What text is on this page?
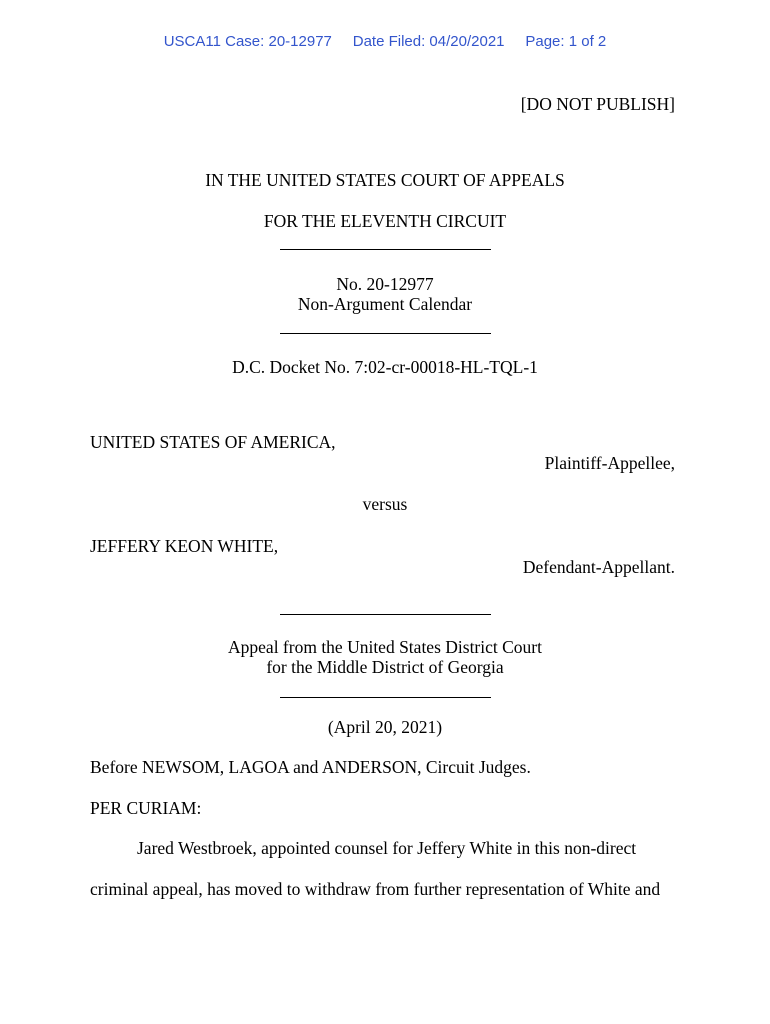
USCA11 Case: 20-12977 Date Filed: 04/20/2021 Page: 1 of 2
[DO NOT PUBLISH]
IN THE UNITED STATES COURT OF APPEALS
FOR THE ELEVENTH CIRCUIT
No. 20-12977
Non-Argument Calendar
D.C. Docket No. 7:02-cr-00018-HL-TQL-1
UNITED STATES OF AMERICA,
Plaintiff-Appellee,
versus
JEFFERY KEON WHITE,
Defendant-Appellant.
Appeal from the United States District Court
for the Middle District of Georgia
(April 20, 2021)
Before NEWSOM, LAGOA and ANDERSON, Circuit Judges.
PER CURIAM:
Jared Westbroek, appointed counsel for Jeffery White in this non-direct
criminal appeal, has moved to withdraw from further representation of White and
